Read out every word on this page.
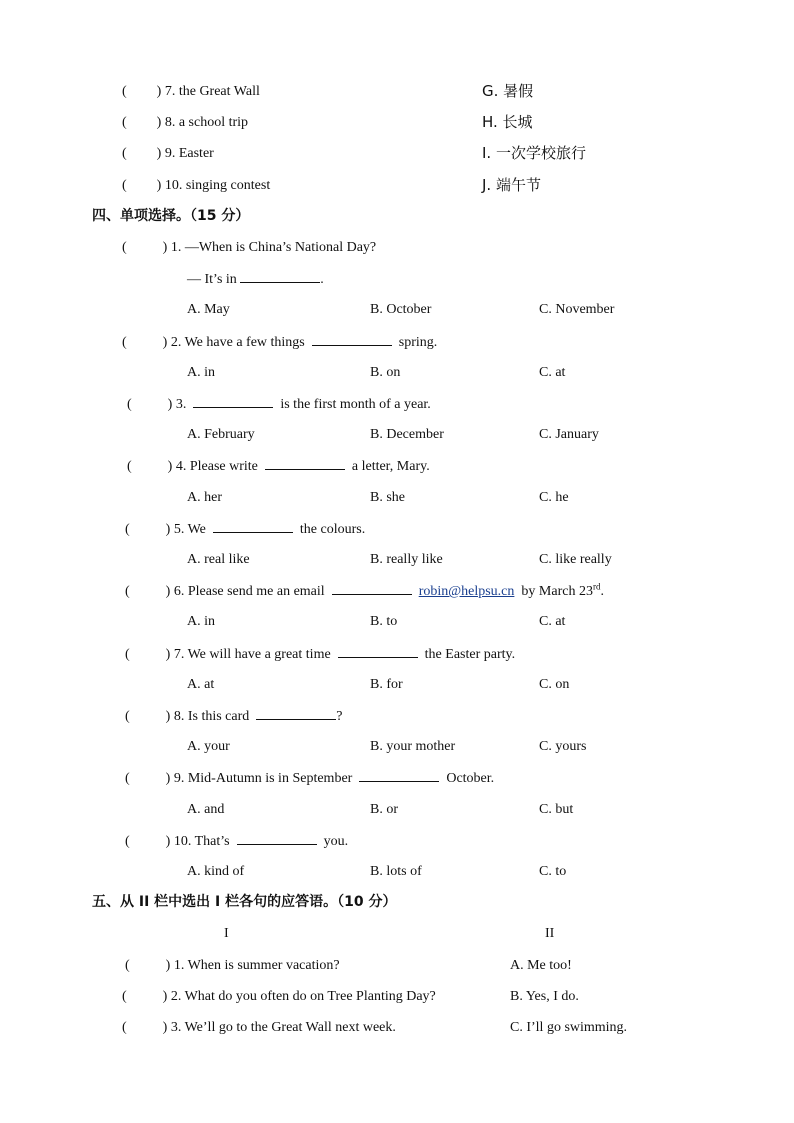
( ) 7. the Great Wall	G. 暑假
( ) 8. a school trip	H. 长城
( ) 9. Easter	I. 一次学校旅行
( ) 10. singing contest	J. 端午节
四、单项选择。（15 分）
(	) 1. —When is China’s National Day?
— It’s in	.
A. May	B. October	C. November
(	) 2. We have a few things	spring.
A. in	B. on	C. at
(	) 3.	is the first month of a year.
A. February	B. December	C. January
(	) 4. Please write	a letter, Mary.
A. her	B. she	C. he
(	) 5. We	the colours.
A. real like	B. really like	C. like really
(	) 6. Please send me an email	robin@helpsu.cn by March 23rd.
A. in	B. to	C. at
(	) 7. We will have a great time	the Easter party.
A. at	B. for	C. on
(	) 8. Is this card	?
A. your	B. your mother	C. yours
(	) 9. Mid-Autumn is in September	October.
A. and	B. or	C. but
(	) 10. That’s	you.
A. kind of	B. lots of	C. to
五、从 II 栏中选出 I 栏各句的应答语。（10 分）
I	II
(	) 1. When is summer vacation?	A. Me too!
(	) 2. What do you often do on Tree Planting Day?	B. Yes, I do.
(	) 3. We’ll go to the Great Wall next week.	C. I’ll go swimming.
